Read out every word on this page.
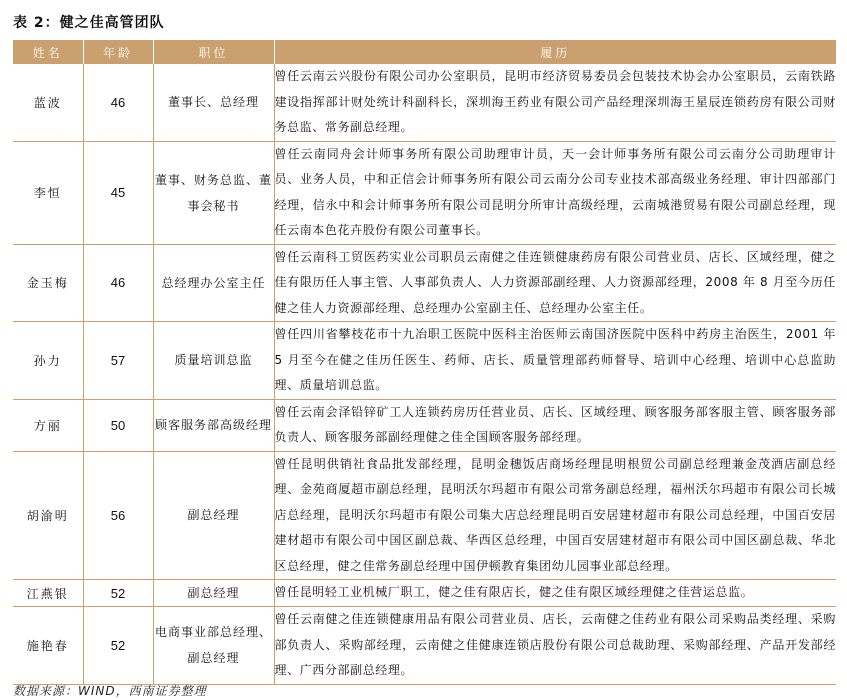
表 2：健之佳高管团队
姓名	年龄	职位	履历
蓝波	46	董事长、总经理	曾任云南云兴股份有限公司办公室职员，昆明市经济贸易委员会包装技术协会办公室职员，云南铁路建设指挥部计财处统计科副科长，深圳海王药业有限公司产品经理深圳海王星辰连锁药房有限公司财务总监、常务副总经理。
李恒	45	董事、财务总监、董事会秘书	曾任云南同舟会计师事务所有限公司助理审计员，天一会计师事务所有限公司云南分公司助理审计员、业务人员，中和正信会计师事务所有限公司云南分公司专业技术部高级业务经理、审计四部部门经理，信永中和会计师事务所有限公司昆明分所审计高级经理，云南城港贸易有限公司副总经理，现任云南本色花卉股份有限公司董事长。
金玉梅	46	总经理办公室主任	曾任云南科工贸医药实业公司职员云南健之佳连锁健康药房有限公司营业员、店长、区域经理，健之佳有限历任人事主管、人事部负责人、人力资源部副经理、人力资源部经理，2008 年 8 月至今历任健之佳人力资源部经理、总经理办公室副主任、总经理办公室主任。
孙力	57	质量培训总监	曾任四川省攀枝花市十九冶职工医院中医科主治医师云南国济医院中医科中药房主治医生，2001 年 5 月至今在健之佳历任医生、药师、店长、质量管理部药师督导、培训中心经理、培训中心总监助理、质量培训总监。
方丽	50	顾客服务部高级经理	曾任云南会泽铅锌矿工人连锁药房历任营业员、店长、区域经理、顾客服务部客服主管、顾客服务部负责人、顾客服务部副经理健之佳全国顾客服务部经理。
胡渝明	56	副总经理	曾任昆明供销社食品批发部经理，昆明金穗饭店商场经理昆明根贸公司副总经理兼金茂酒店副总经理、金苑商厦超市副总经理，昆明沃尔玛超市有限公司常务副总经理，福州沃尔玛超市有限公司长城店总经理，昆明沃尔玛超市有限公司集大店总经理昆明百安居建材超市有限公司总经理，中国百安居建材超市有限公司中国区副总裁、华西区总经理，中国百安居建材超市有限公司中国区副总裁、华北区总经理，健之佳常务副总经理中国伊顿教育集团幼儿园事业部总经理。
江燕银	52	副总经理	曾任昆明轻工业机械厂职工，健之佳有限店长，健之佳有限区域经理健之佳营运总监。
施艳春	52	电商事业部总经理、副总经理	曾任云南健之佳连锁健康用品有限公司营业员、店长，云南健之佳药业有限公司采购品类经理、采购部负责人、采购部经理，云南健之佳健康连锁店股份有限公司总裁助理、采购部经理、产品开发部经理、广西分部副总经理。
数据来源：WIND，西南证券整理
